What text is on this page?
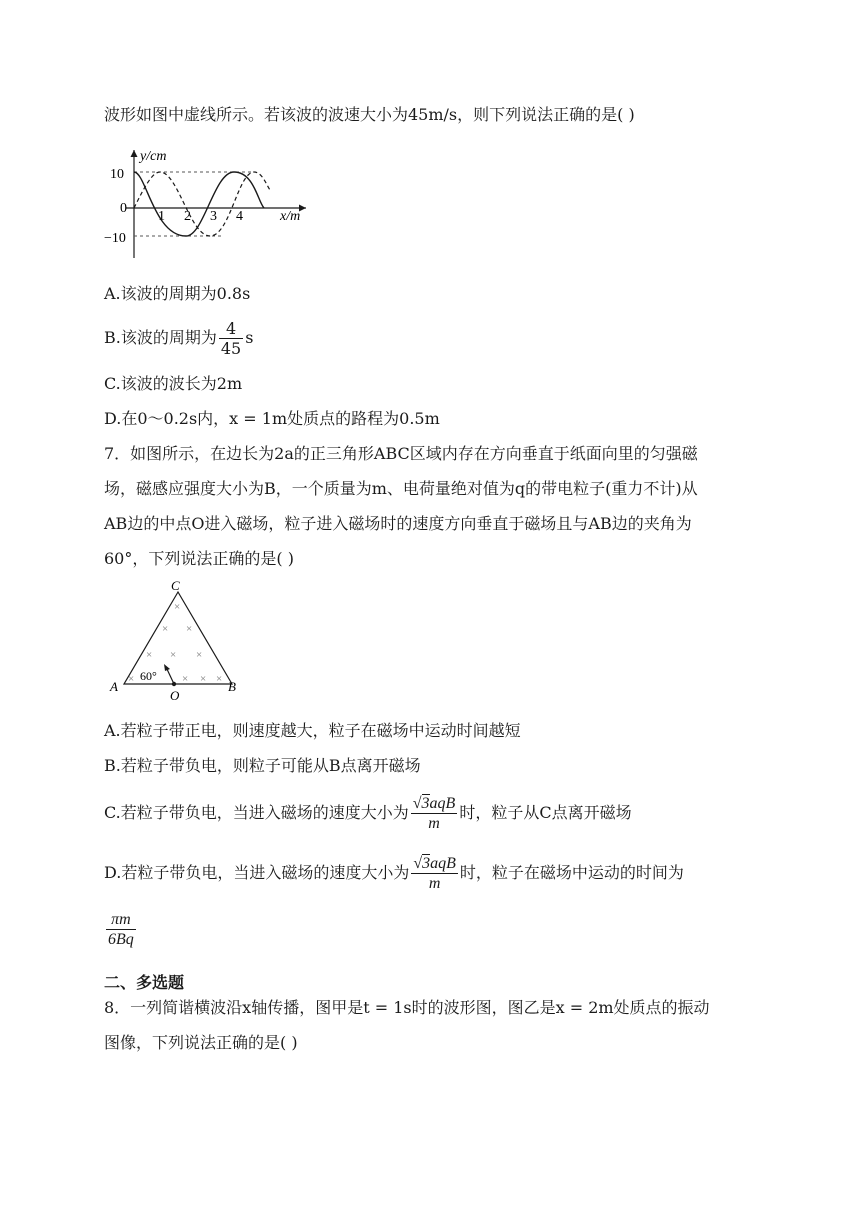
波形如图中虚线所示。若该波的波速大小为45m/s，则下列说法正确的是( )
y/cm
x/m
10
0
−10
1 2 3 4
A.该波的周期为0.8s
B.该波的周期为 $\frac{4}{45}$ s
C.该波的波长为2m
D.在0～0.2s内，x = 1m处质点的路程为0.5m
7．如图所示，在边长为2a的正三角形ABC区域内存在方向垂直于纸面向里的匀强磁
场，磁感应强度大小为B，一个质量为m、电荷量绝对值为q的带电粒子(重力不计)从
AB边的中点O进入磁场，粒子进入磁场时的速度方向垂直于磁场且与AB边的夹角为
60°，下列说法正确的是( )
C
A	B
O
60°
×
× ×
× × ×
×	× × ×
A.若粒子带正电，则速度越大，粒子在磁场中运动时间越短
B.若粒子带负电，则粒子可能从B点离开磁场
C.若粒子带负电，当进入磁场的速度大小为 $\frac{\text{√3aqB}}{m}$ 时，粒子从C点离开磁场
D.若粒子带负电，当进入磁场的速度大小为 $\frac{\text{√3aqB}}{m}$ 时，粒子在磁场中运动的时间为
$\frac{\pi m}{6Bq}$
二、多选题
8．一列简谐横波沿x轴传播，图甲是t = 1s时的波形图，图乙是x = 2m处质点的振动
图像，下列说法正确的是( )
